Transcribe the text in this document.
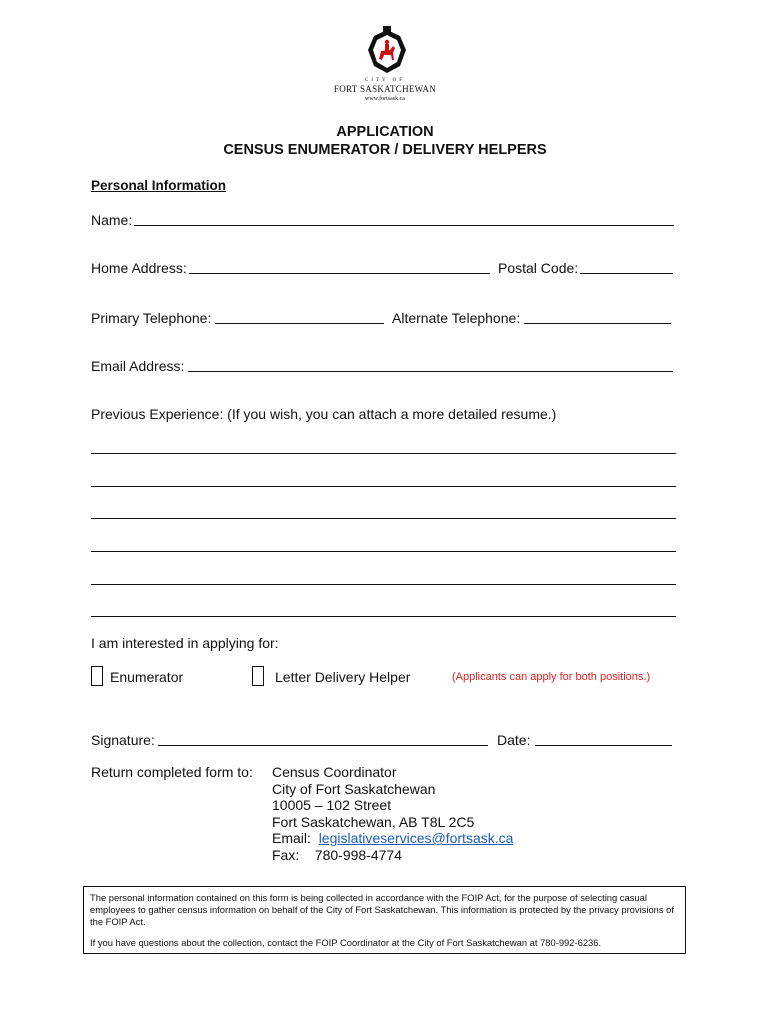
CITY OF
FORT SASKATCHEWAN
www.fortsask.ca
APPLICATION
CENSUS ENUMERATOR / DELIVERY HELPERS
Personal Information
Name:
Home Address:	Postal Code:
Primary Telephone:	Alternate Telephone:
Email Address:
Previous Experience: (If you wish, you can attach a more detailed resume.)
I am interested in applying for:
Enumerator	Letter Delivery Helper	(Applicants can apply for both positions.)
Signature:	Date:
Return completed form to: Census Coordinator
City of Fort Saskatchewan
10005 – 102 Street
Fort Saskatchewan, AB T8L 2C5
Email: legislativeservices@fortsask.ca
Fax: 780-998-4774

The personal information contained on this form is being collected in accordance with the FOIP Act, for the purpose of selecting casual employees to gather census information on behalf of the City of Fort Saskatchewan. This information is protected by the privacy provisions of the FOIP Act.

If you have questions about the collection, contact the FOIP Coordinator at the City of Fort Saskatchewan at 780-992-6236.
